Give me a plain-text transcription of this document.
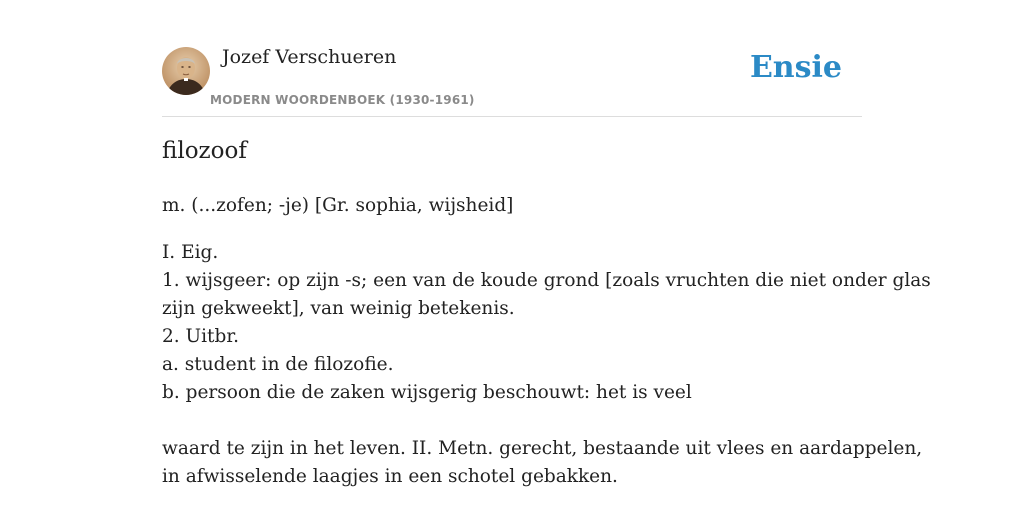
Jozef Verschueren
MODERN WOORDENBOEK (1930-1961)
Ensie
filozoof
m. (...zofen; -je) [Gr. sophia, wijsheid]
I. Eig.
1. wijsgeer: op zijn -s; een van de koude grond [zoals vruchten die niet onder glas
zijn gekweekt], van weinig betekenis.
2. Uitbr.
a. student in de filozofie.
b. persoon die de zaken wijsgerig beschouwt: het is veel
waard te zijn in het leven. II. Metn. gerecht, bestaande uit vlees en aardappelen,
in afwisselende laagjes in een schotel gebakken.
